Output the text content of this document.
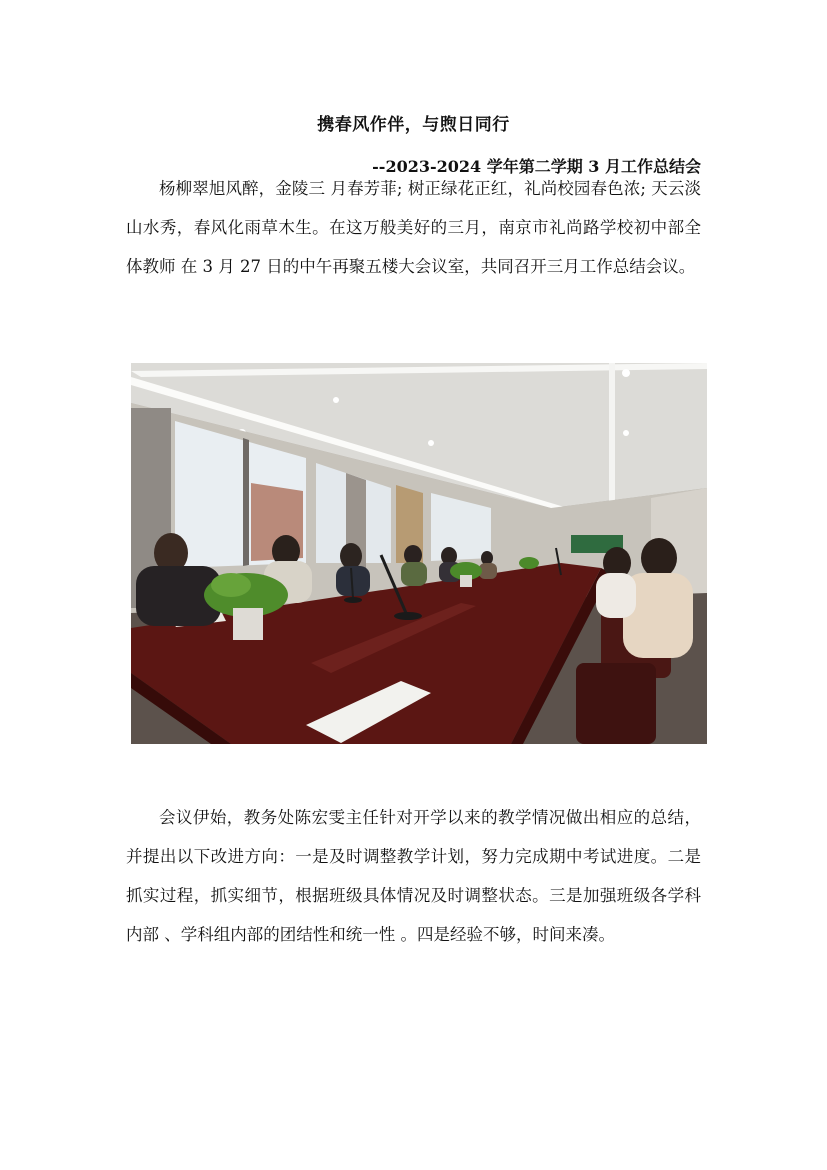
携春风作伴，与煦日同行
--2023-2024 学年第二学期 3 月工作总结会

杨柳翠旭风醉，金陵三 月春芳菲; 树正绿花正红，礼尚校园春色浓; 天云淡山水秀，春风化雨草木生。在这万般美好的三月，南京市礼尚路学校初中部全体教师 在 3 月 27 日的中午再聚五楼大会议室，共同召开三月工作总结会议。

会议伊始，教务处陈宏雯主任针对开学以来的教学情况做出相应的总结，并提出以下改进方向：一是及时调整教学计划，努力完成期中考试进度。二是抓实过程，抓实细节，根据班级具体情况及时调整状态。三是加强班级各学科内部 、学科组内部的团结性和统一性 。四是经验不够，时间来凑。
